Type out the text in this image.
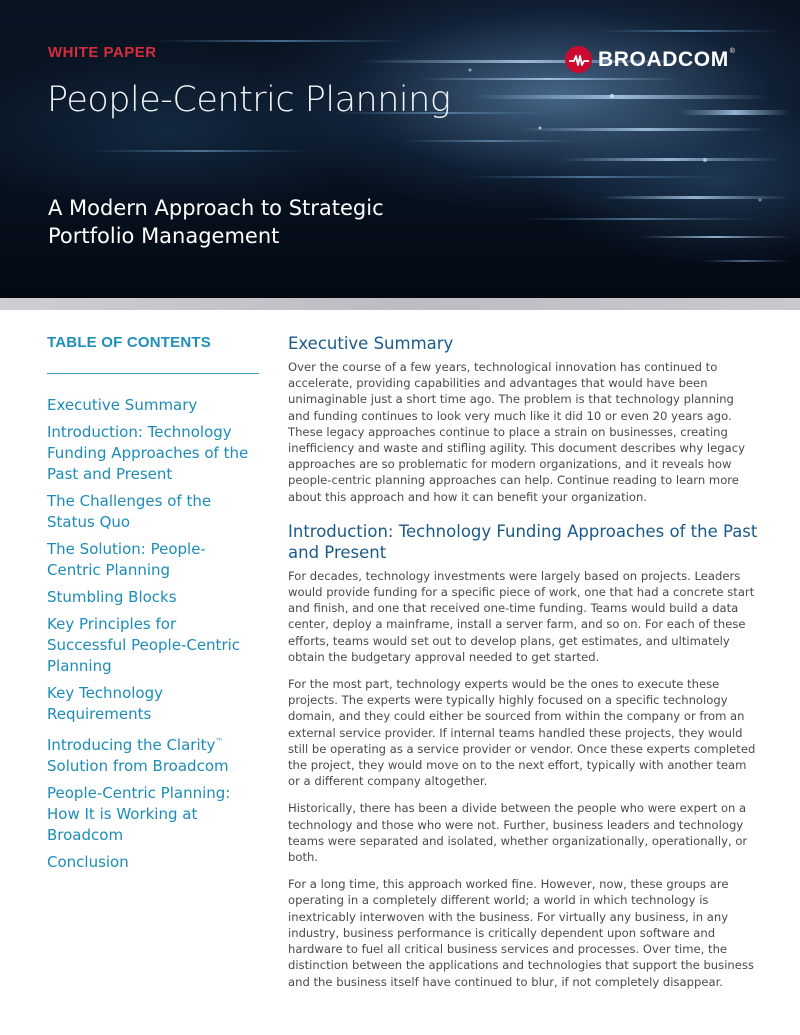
WHITE PAPER
People-Centric Planning
A Modern Approach to Strategic
Portfolio Management
BROADCOM ®
TABLE OF CONTENTS
Executive Summary
Introduction: Technology Funding Approaches of the Past and Present
The Challenges of the Status Quo
The Solution: People-Centric Planning
Stumbling Blocks
Key Principles for Successful People-Centric Planning
Key Technology Requirements
Introducing the Clarity™ Solution from Broadcom
People-Centric Planning: How It is Working at Broadcom
Conclusion
Executive Summary

Over the course of a few years, technological innovation has continued to accelerate, providing capabilities and advantages that would have been unimaginable just a short time ago. The problem is that technology planning and funding continues to look very much like it did 10 or even 20 years ago. These legacy approaches continue to place a strain on businesses, creating inefficiency and waste and stifling agility. This document describes why legacy approaches are so problematic for modern organizations, and it reveals how people-centric planning approaches can help. Continue reading to learn more about this approach and how it can benefit your organization.

Introduction: Technology Funding Approaches of the Past and Present

For decades, technology investments were largely based on projects. Leaders would provide funding for a specific piece of work, one that had a concrete start and finish, and one that received one-time funding. Teams would build a data center, deploy a mainframe, install a server farm, and so on. For each of these efforts, teams would set out to develop plans, get estimates, and ultimately obtain the budgetary approval needed to get started.

For the most part, technology experts would be the ones to execute these projects. The experts were typically highly focused on a specific technology domain, and they could either be sourced from within the company or from an external service provider. If internal teams handled these projects, they would still be operating as a service provider or vendor. Once these experts completed the project, they would move on to the next effort, typically with another team or a different company altogether.

Historically, there has been a divide between the people who were expert on a technology and those who were not. Further, business leaders and technology teams were separated and isolated, whether organizationally, operationally, or both.

For a long time, this approach worked fine. However, now, these groups are operating in a completely different world; a world in which technology is inextricably interwoven with the business. For virtually any business, in any industry, business performance is critically dependent upon software and hardware to fuel all critical business services and processes. Over time, the distinction between the applications and technologies that support the business and the business itself have continued to blur, if not completely disappear.
